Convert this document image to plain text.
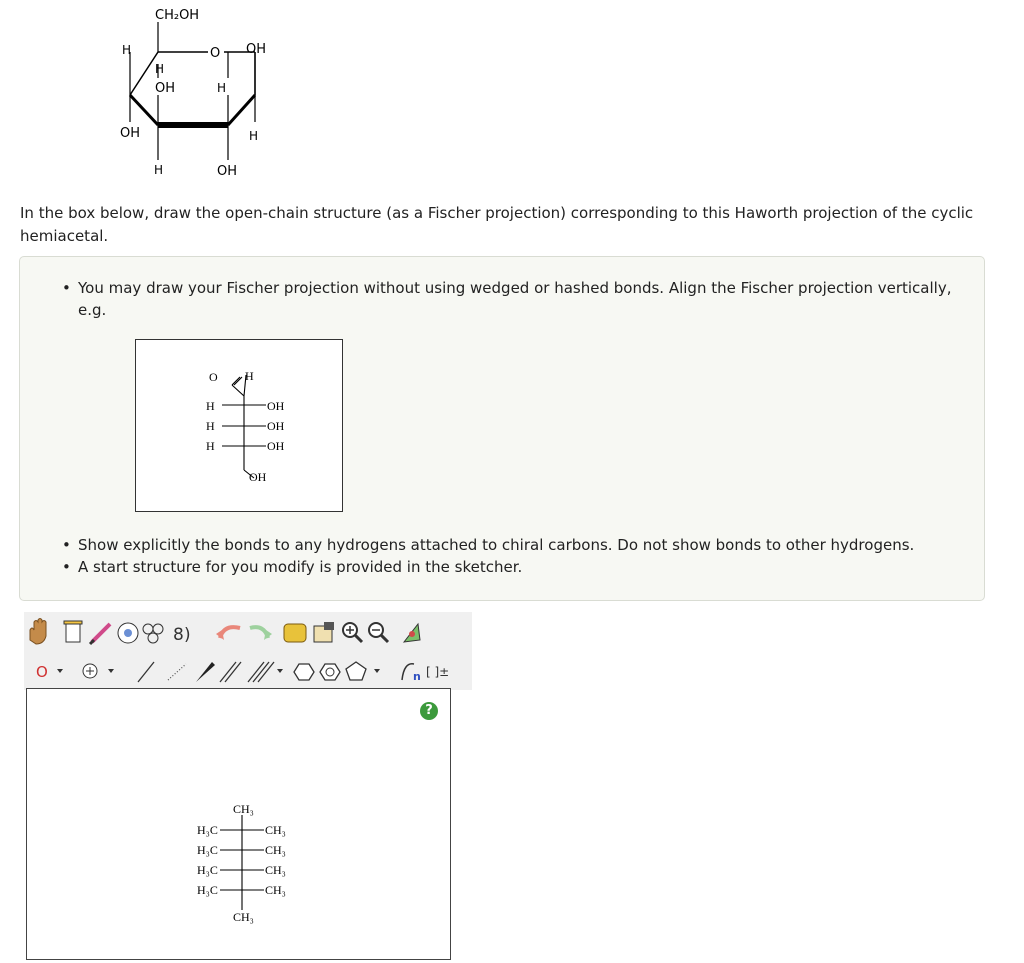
CH₂OH
H	O OH
H
OH	H
OH	H
H	OH
In the box below, draw the open-chain structure (as a Fischer projection) corresponding to this Haworth projection of the cyclic hemiacetal.
• You may draw your Fischer projection without using wedged or hashed bonds. Align the Fischer projection vertically, e.g.
O H
H	OH
H	OH
H	OH
OH
• Show explicitly the bonds to any hydrogens attached to chiral carbons. Do not show bonds to other hydrogens.
• A start structure for you modify is provided in the sketcher.
8 )
O	n [ ]±
CH₃
H₃C	CH₃
H₃C	CH₃
H₃C	CH₃
H₃C	CH₃
CH₃
?
